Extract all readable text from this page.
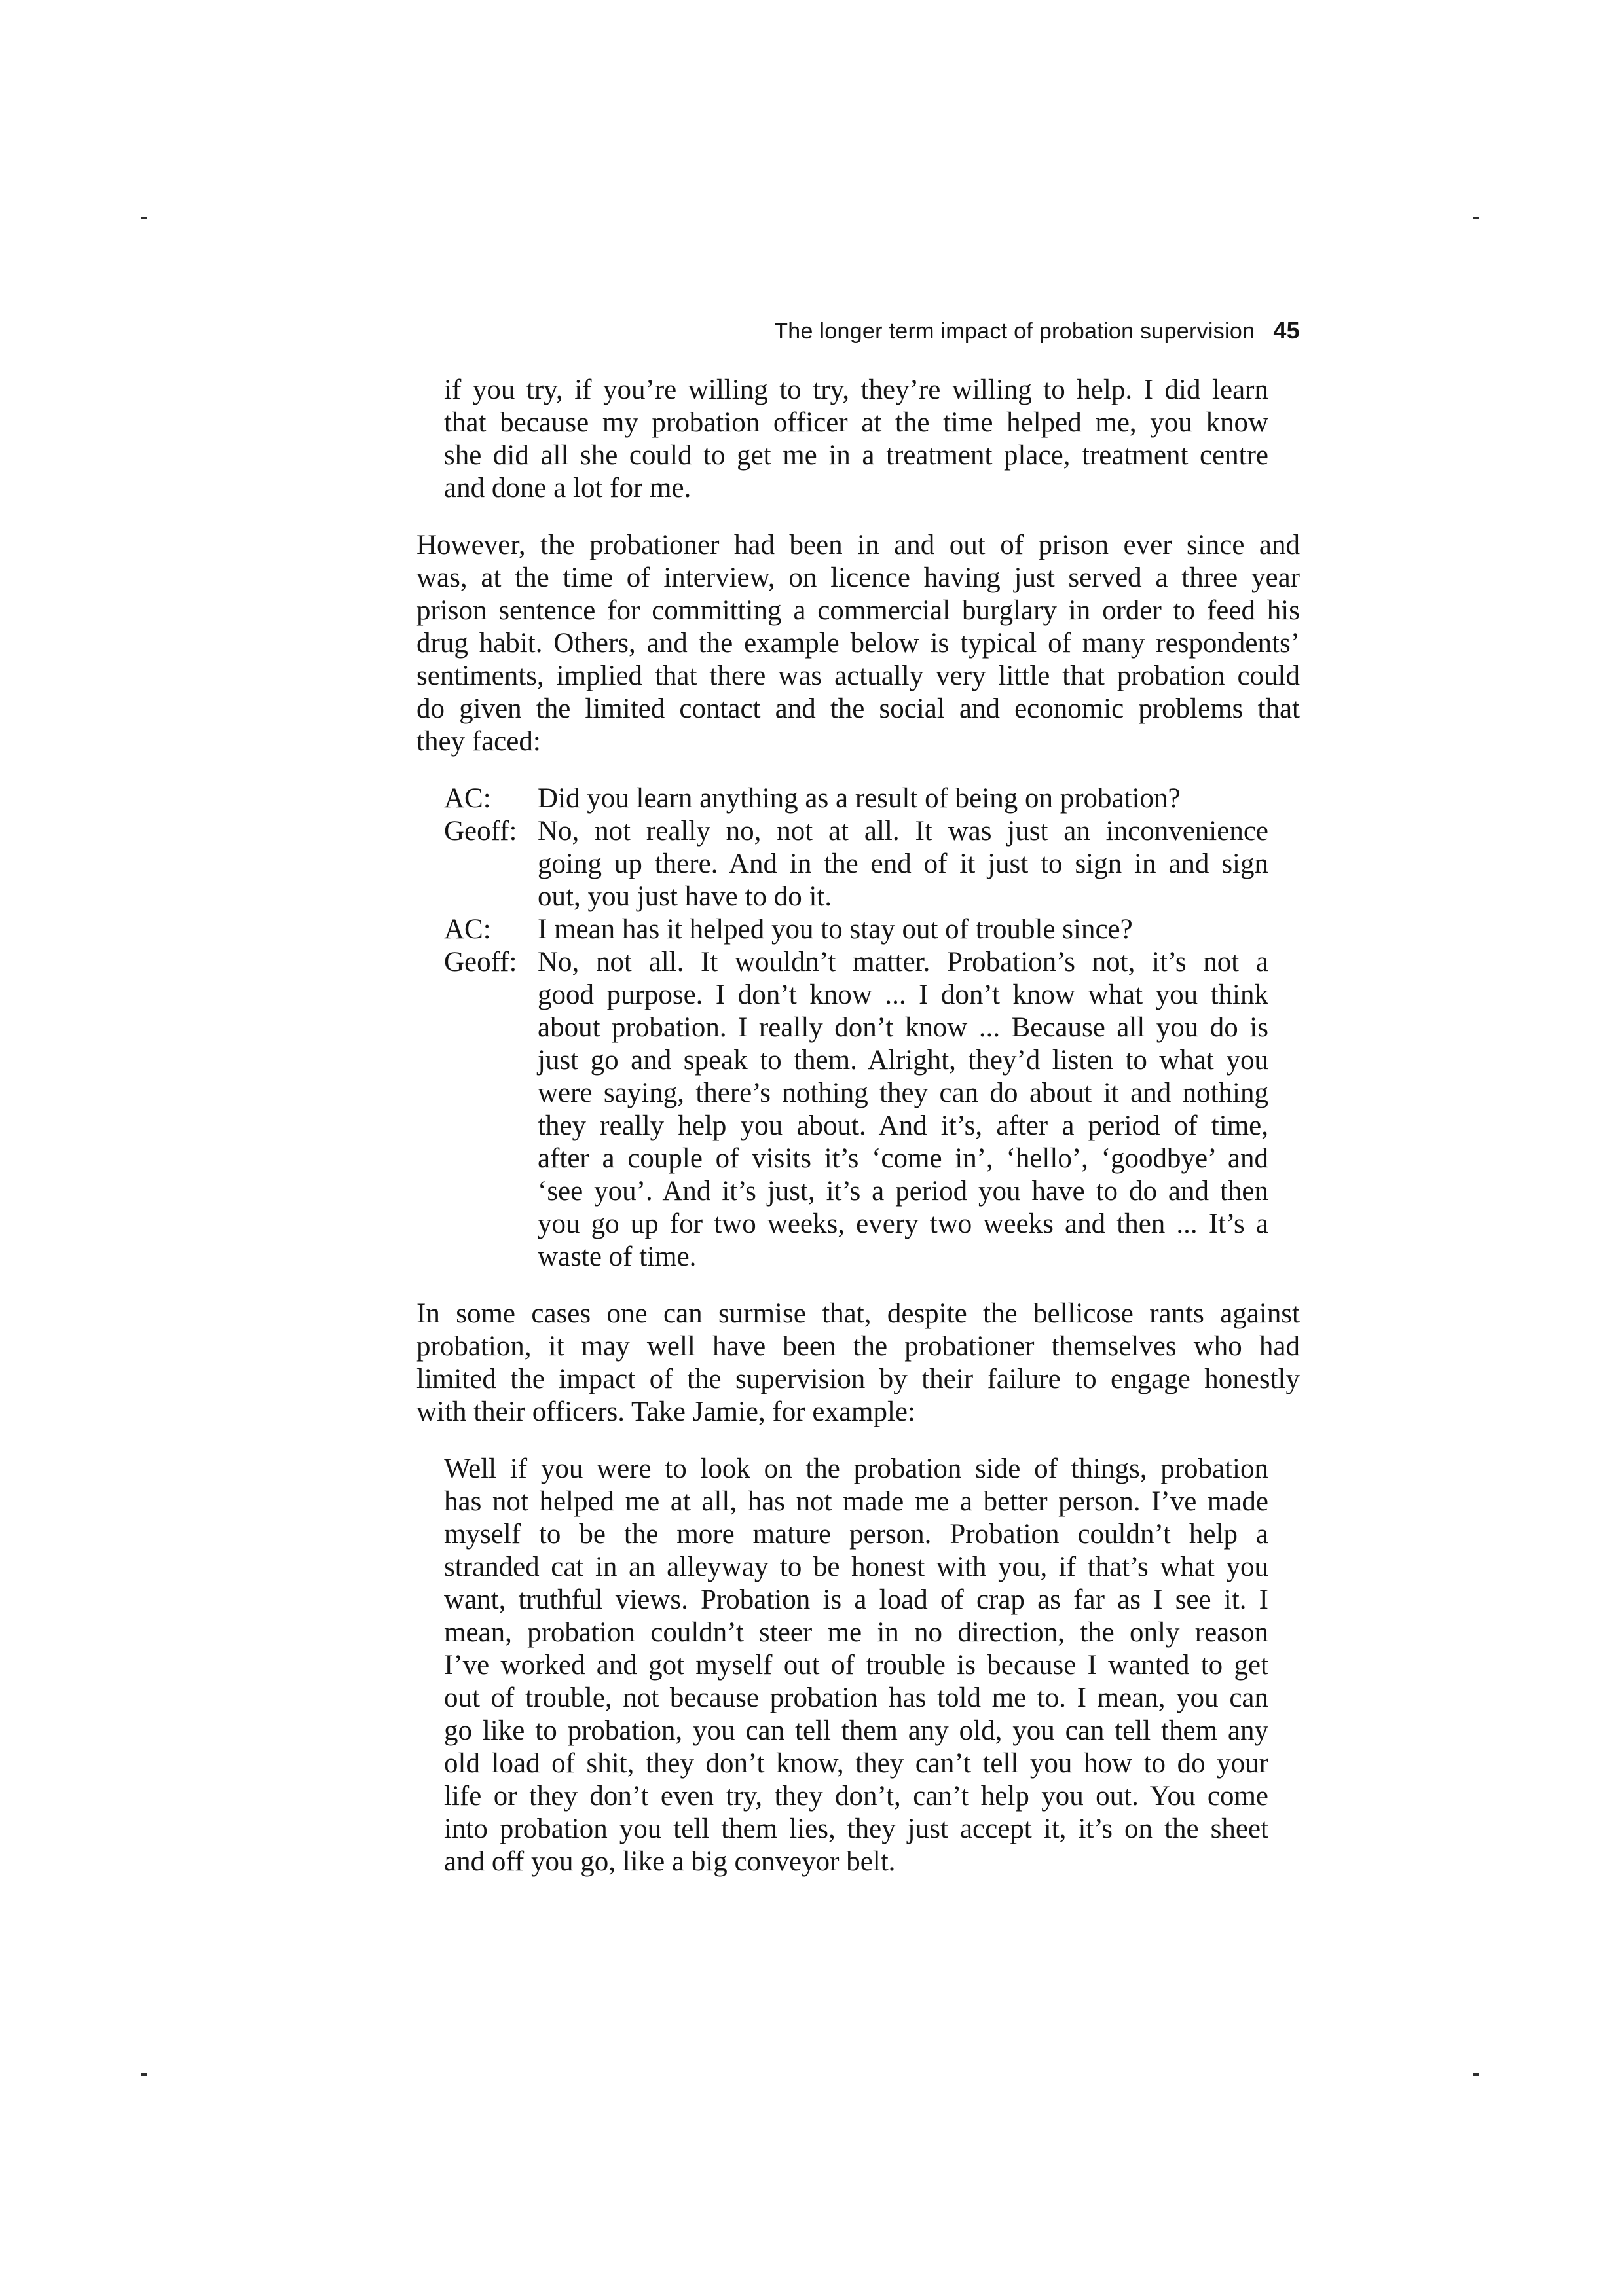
The longer term impact of probation supervision 45
if you try, if you’re willing to try, they’re willing to help. I did learn
that because my probation officer at the time helped me, you know
she did all she could to get me in a treatment place, treatment centre
and done a lot for me.
However, the probationer had been in and out of prison ever since and
was, at the time of interview, on licence having just served a three year
prison sentence for committing a commercial burglary in order to feed his
drug habit. Others, and the example below is typical of many respondents’
sentiments, implied that there was actually very little that probation could
do given the limited contact and the social and economic problems that
they faced:
AC:	Did you learn anything as a result of being on probation?
Geoff: No, not really no, not at all. It was just an inconvenience
going up there. And in the end of it just to sign in and sign
out, you just have to do it.
AC:	I mean has it helped you to stay out of trouble since?
Geoff: No, not all. It wouldn’t matter. Probation’s not, it’s not a
good purpose. I don’t know ... I don’t know what you think
about probation. I really don’t know ... Because all you do is
just go and speak to them. Alright, they’d listen to what you
were saying, there’s nothing they can do about it and nothing
they really help you about. And it’s, after a period of time,
after a couple of visits it’s ‘come in’, ‘hello’, ‘goodbye’ and
‘see you’. And it’s just, it’s a period you have to do and then
you go up for two weeks, every two weeks and then ... It’s a
waste of time.
In some cases one can surmise that, despite the bellicose rants against
probation, it may well have been the probationer themselves who had
limited the impact of the supervision by their failure to engage honestly
with their officers. Take Jamie, for example:
Well if you were to look on the probation side of things, probation
has not helped me at all, has not made me a better person. I’ve made
myself to be the more mature person. Probation couldn’t help a
stranded cat in an alleyway to be honest with you, if that’s what you
want, truthful views. Probation is a load of crap as far as I see it. I
mean, probation couldn’t steer me in no direction, the only reason
I’ve worked and got myself out of trouble is because I wanted to get
out of trouble, not because probation has told me to. I mean, you can
go like to probation, you can tell them any old, you can tell them any
old load of shit, they don’t know, they can’t tell you how to do your
life or they don’t even try, they don’t, can’t help you out. You come
into probation you tell them lies, they just accept it, it’s on the sheet
and off you go, like a big conveyor belt.
